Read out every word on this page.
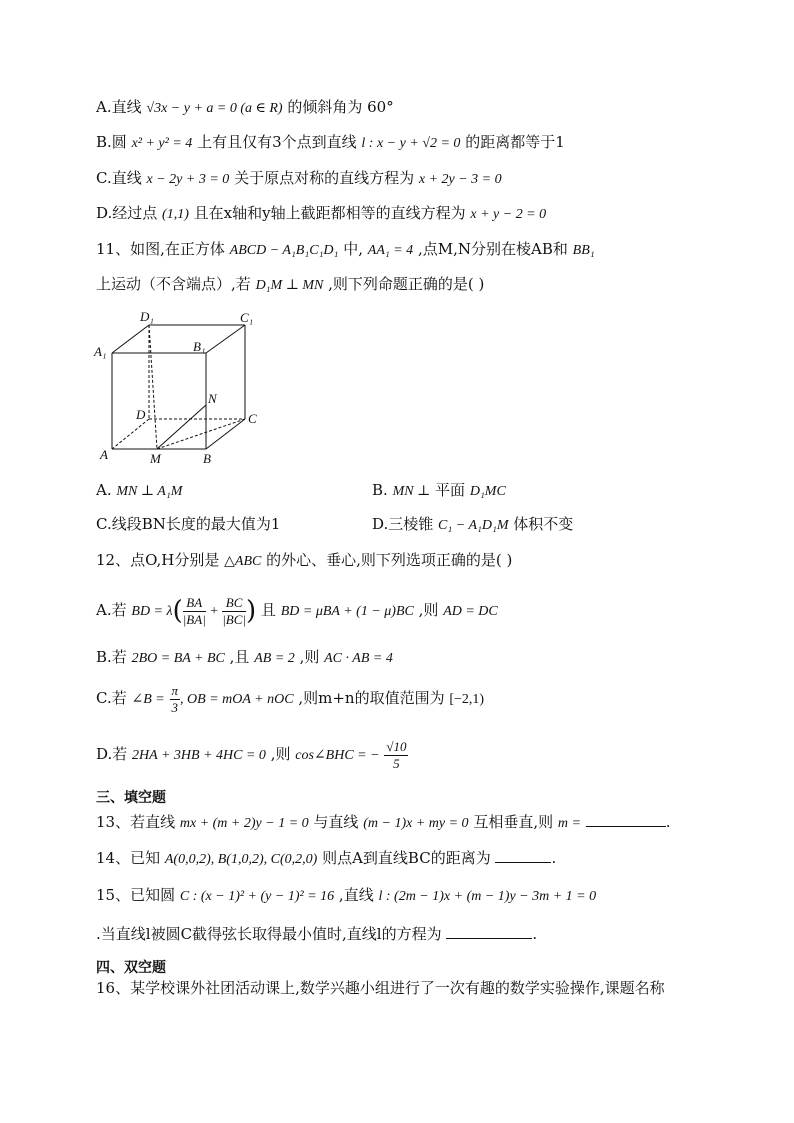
A.直线 √3x − y + a = 0 (a ∈ R) 的倾斜角为 60°
B.圆 x² + y² = 4 上有且仅有3个点到直线 l : x − y + √2 = 0 的距离都等于1
C.直线 x − 2y + 3 = 0 关于原点对称的直线方程为 x + 2y − 3 = 0
D.经过点 (1,1) 且在x轴和y轴上截距都相等的直线方程为 x + y − 2 = 0
11、如图,在正方体 ABCD − A₁B₁C₁D₁ 中, AA₁ = 4 ,点M,N分别在棱AB和 BB₁
上运动（不含端点）,若 D₁M ⊥ MN ,则下列命题正确的是( )
D₁	C₁
A₁	B₁
D	C
A	B
M
N
A. MN ⊥ A₁M	B. MN ⊥ 平面 D₁MC
C.线段BN长度的最大值为1	D.三棱锥 C₁ − A₁D₁M 体积不变
12、点O,H分别是 △ABC 的外心、垂心,则下列选项正确的是( )
A.若 BD = $\lambda( \frac{BA}{|BA|} + \frac{BC}{|BC|}$ ) 且 BD = μBA + (1 − μ)BC ,则 AD = DC
B.若 2BO = BA + BC ,且 AB = 2 ,则 AC · AB = 4
C.若 ∠B = $\frac{\pi}{3}$ , OB = mOA + nOC ,则m+n的取值范围为 [−2,1)
D.若 2HA + 3HB + 4HC = 0 ,则 cos∠BHC = − $\frac{√10}{5}$
三、填空题
13、若直线 mx + (m + 2)y − 1 = 0 与直线 (m − 1)x + my = 0 互相垂直,则 m =	.
14、已知 A(0,0,2), B(1,0,2), C(0,2,0) 则点A到直线BC的距离为	.
15、已知圆 C : (x − 1)² + (y − 1)² = 16 ,直线 l : (2m − 1)x + (m − 1)y − 3m + 1 = 0
.当直线l被圆C截得弦长取得最小值时,直线l的方程为	.
四、双空题
16、某学校课外社团活动课上,数学兴趣小组进行了一次有趣的数学实验操作,课题名称
